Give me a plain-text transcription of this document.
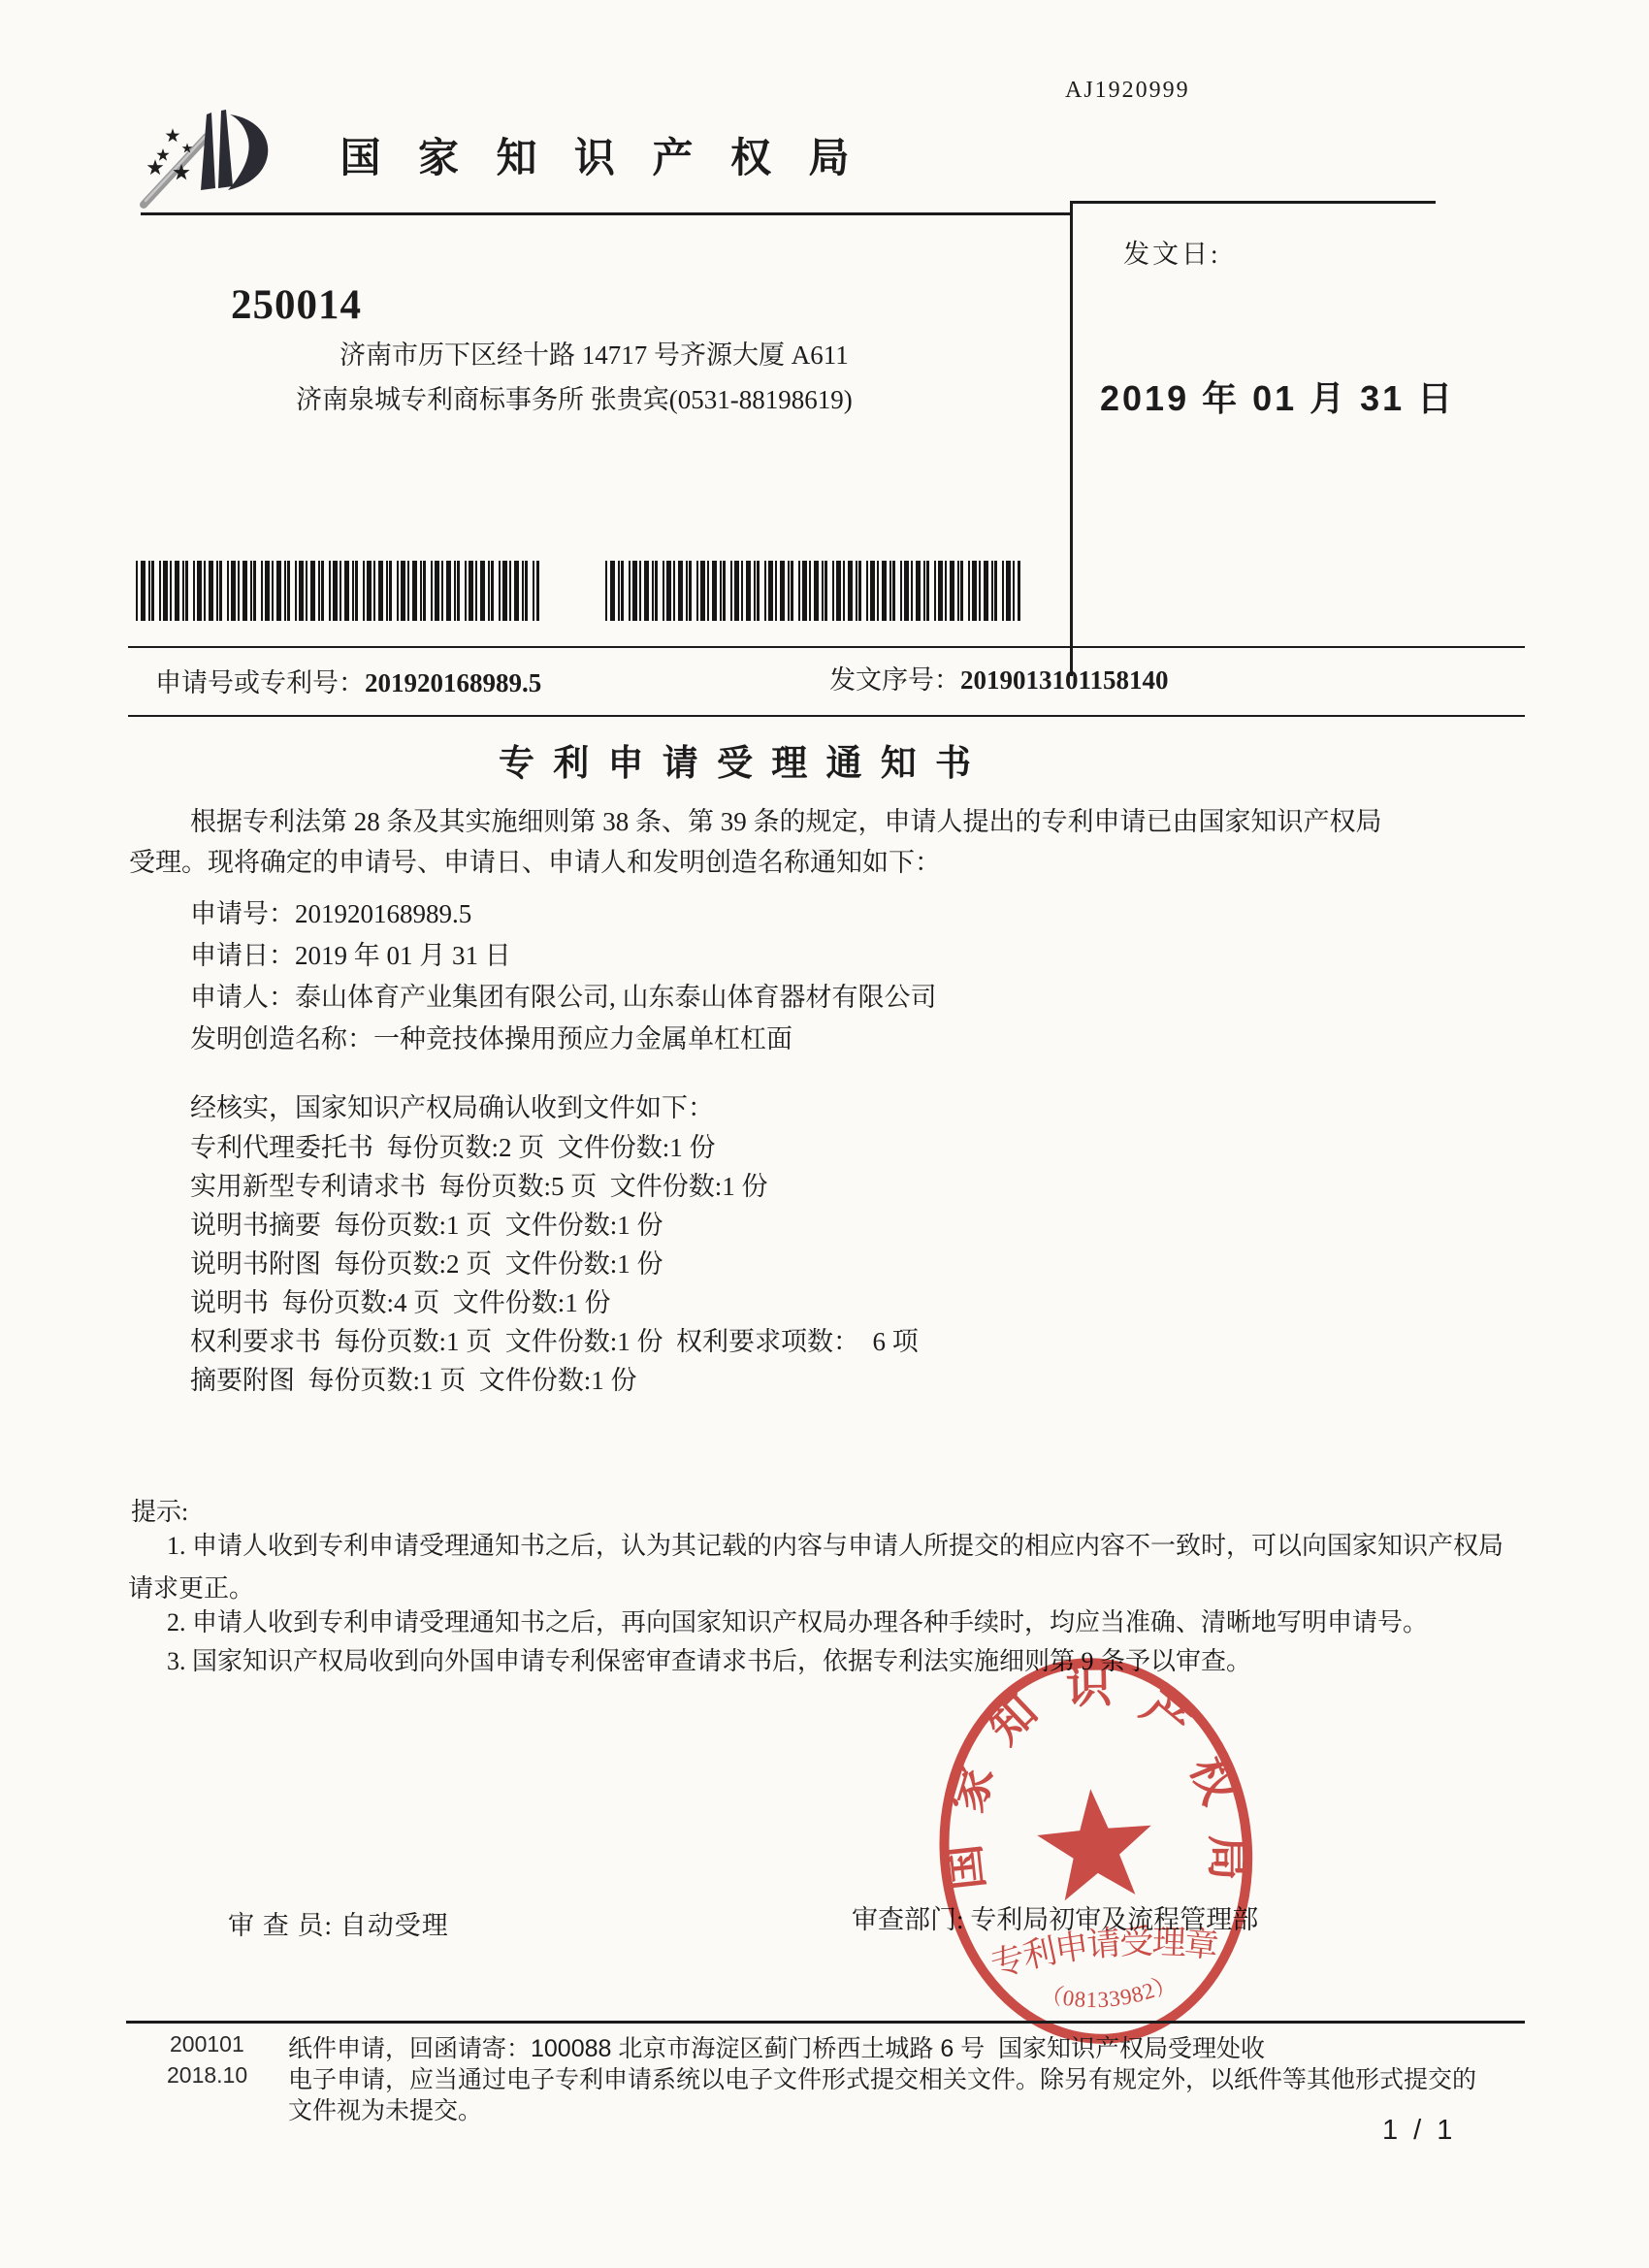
国 家 知 识 产 权 局
AJ1920999
发文日:
2019 年 01 月 31 日
250014
济南市历下区经十路 14717 号齐源大厦 A611
济南泉城专利商标事务所 张贵宾(0531-88198619)
申请号或专利号：201920168989.5	发文序号：2019013101158140
专 利 申 请 受 理 通 知 书
根据专利法第 28 条及其实施细则第 38 条、第 39 条的规定，申请人提出的专利申请已由国家知识产权局
受理。现将确定的申请号、申请日、申请人和发明创造名称通知如下：
申请号：201920168989.5
申请日：2019 年 01 月 31 日
申请人：泰山体育产业集团有限公司, 山东泰山体育器材有限公司
发明创造名称：一种竞技体操用预应力金属单杠杠面
经核实，国家知识产权局确认收到文件如下：
专利代理委托书  每份页数:2 页  文件份数:1 份
实用新型专利请求书  每份页数:5 页  文件份数:1 份
说明书摘要  每份页数:1 页  文件份数:1 份
说明书附图  每份页数:2 页  文件份数:1 份
说明书  每份页数:4 页  文件份数:1 份
权利要求书  每份页数:1 页  文件份数:1 份  权利要求项数：  6 项
摘要附图  每份页数:1 页  文件份数:1 份
提示:
1. 申请人收到专利申请受理通知书之后，认为其记载的内容与申请人所提交的相应内容不一致时，可以向国家知识产权局
请求更正。
2. 申请人收到专利申请受理通知书之后，再向国家知识产权局办理各种手续时，均应当准确、清晰地写明申请号。
3. 国家知识产权局收到向外国申请专利保密审查请求书后，依据专利法实施细则第 9 条予以审查。
审 查 员: 自动受理	审查部门: 专利局初审及流程管理部
国家知识产权局
专利申请受理章
（08133982）
200101
2018.10
纸件申请，回函请寄：100088 北京市海淀区蓟门桥西土城路 6 号  国家知识产权局受理处收
电子申请，应当通过电子专利申请系统以电子文件形式提交相关文件。除另有规定外，以纸件等其他形式提交的
文件视为未提交。
1 / 1
